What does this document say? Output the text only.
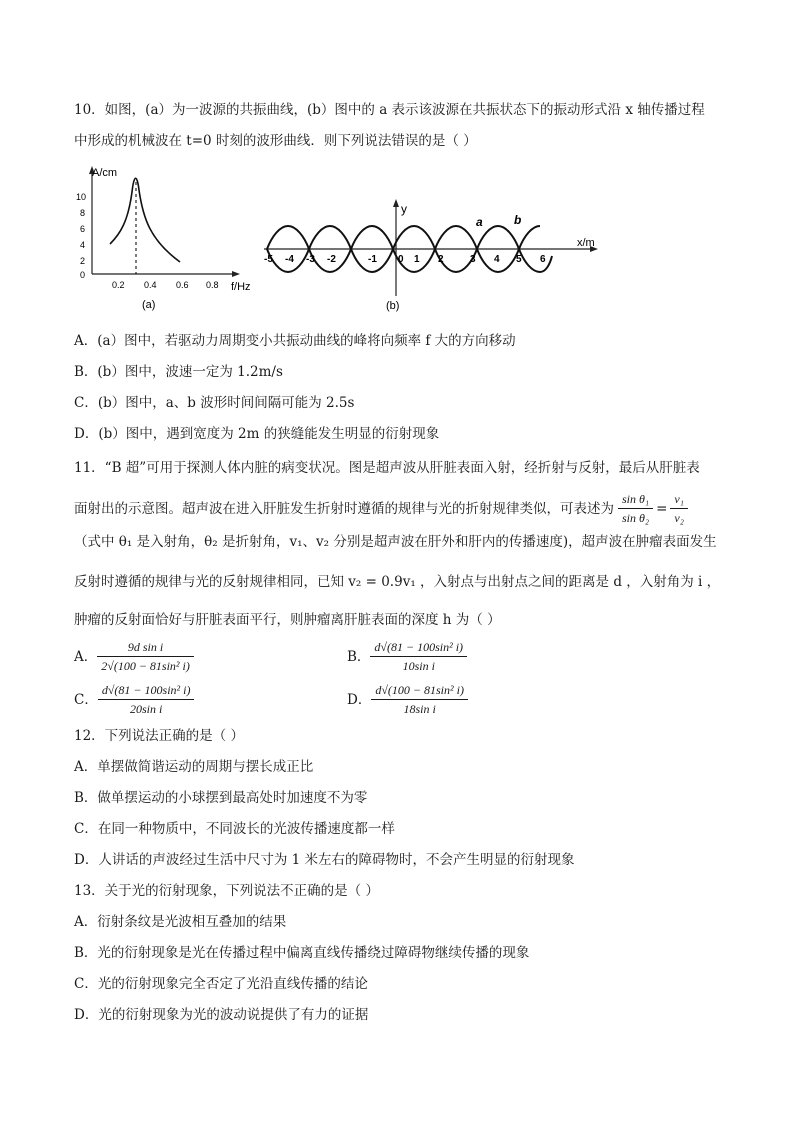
10．如图，(a）为一波源的共振曲线，(b）图中的 a 表示该波源在共振状态下的振动形式沿 x 轴传播过程
中形成的机械波在 t=0 时刻的波形曲线．则下列说法错误的是（ ）
A/cm
f/Hz
10
8
6
4
2
0
0.2 0.4 0.6 0.8
(a)
y
x/m
a	b
-5 -4 -3 -2	-1 0 1 2	3 4 5 6
(b)
A．(a）图中，若驱动力周期变小共振动曲线的峰将向频率 f 大的方向移动
B．(b）图中，波速一定为 1.2m/s
C．(b）图中，a、b 波形时间间隔可能为 2.5s
D．(b）图中，遇到宽度为 2m 的狭缝能发生明显的衍射现象
11．“B 超”可用于探测人体内脏的病变状况。图是超声波从肝脏表面入射，经折射与反射，最后从肝脏表
面射出的示意图。超声波在进入肝脏发生折射时遵循的规律与光的折射规律类似，可表述为 $\frac{\text{sin θ₁}}{\text{sin θ₂}} = \frac{\text{v₁}}{\text{v₂}}$
（式中 θ₁ 是入射角，θ₂ 是折射角，v₁、v₂ 分别是超声波在肝外和肝内的传播速度)，超声波在肿瘤表面发生
反射时遵循的规律与光的反射规律相同，已知 v₂ = 0.9v₁ ，入射点与出射点之间的距离是 d ，入射角为 i ，
肿瘤的反射面恰好与肝脏表面平行，则肿瘤离肝脏表面的深度 h 为（ ）
A． $\frac{\text{9d sin i}}{\text{2√(100 − 81sin² i)}}$	B． $\frac{\text{d√(81 − 100sin² i)}}{\text{10sin i}}$
C． $\frac{\text{d√(81 − 100sin² i)}}{\text{20sin i}}$	D． $\frac{\text{d√(100 − 81sin² i)}}{\text{18sin i}}$
12．下列说法正确的是（ ）
A．单摆做简谐运动的周期与摆长成正比
B．做单摆运动的小球摆到最高处时加速度不为零
C．在同一种物质中，不同波长的光波传播速度都一样
D．人讲话的声波经过生活中尺寸为 1 米左右的障碍物时，不会产生明显的衍射现象
13．关于光的衍射现象，下列说法不正确的是（ ）
A．衍射条纹是光波相互叠加的结果
B．光的衍射现象是光在传播过程中偏离直线传播绕过障碍物继续传播的现象
C．光的衍射现象完全否定了光沿直线传播的结论
D．光的衍射现象为光的波动说提供了有力的证据
